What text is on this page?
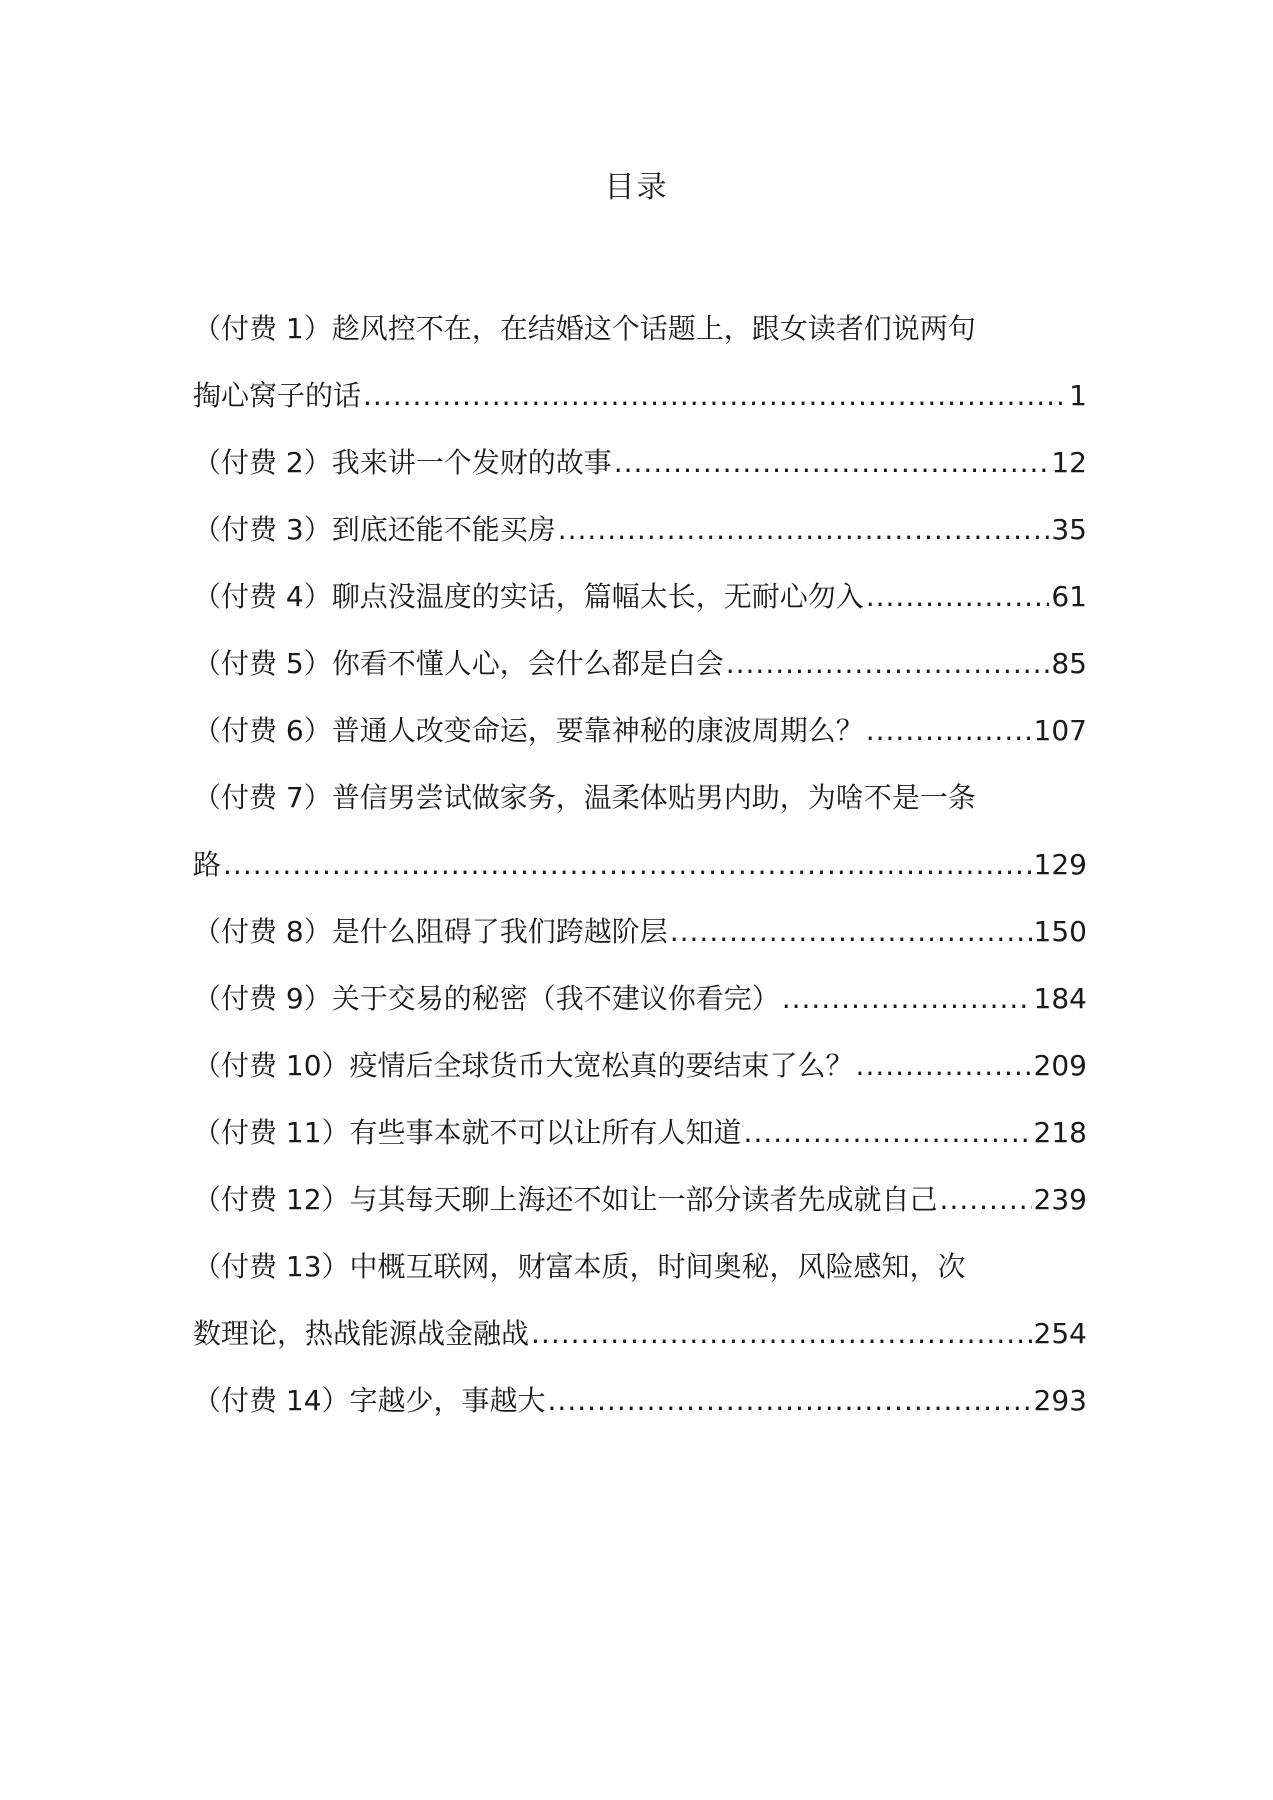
目录
（付费 1）趁风控不在，在结婚这个话题上，跟女读者们说两句
掏心窝子的话 .....	1
（付费 2）我来讲一个发财的故事 .....	12
（付费 3）到底还能不能买房 .....	35
（付费 4）聊点没温度的实话，篇幅太长，无耐心勿入 .....	61
（付费 5）你看不懂人心，会什么都是白会 .....	85
（付费 6）普通人改变命运，要靠神秘的康波周期么？ .....	107
（付费 7）普信男尝试做家务，温柔体贴男内助，为啥不是一条
路 .....	129
（付费 8）是什么阻碍了我们跨越阶层 .....	150
（付费 9）关于交易的秘密（我不建议你看完） .....	184
（付费 10）疫情后全球货币大宽松真的要结束了么？ .....	209
（付费 11）有些事本就不可以让所有人知道 .....	218
（付费 12）与其每天聊上海还不如让一部分读者先成就自己 .....	239
（付费 13）中概互联网，财富本质，时间奥秘，风险感知，次
数理论，热战能源战金融战 .....	254
（付费 14）字越少，事越大 .....	293
